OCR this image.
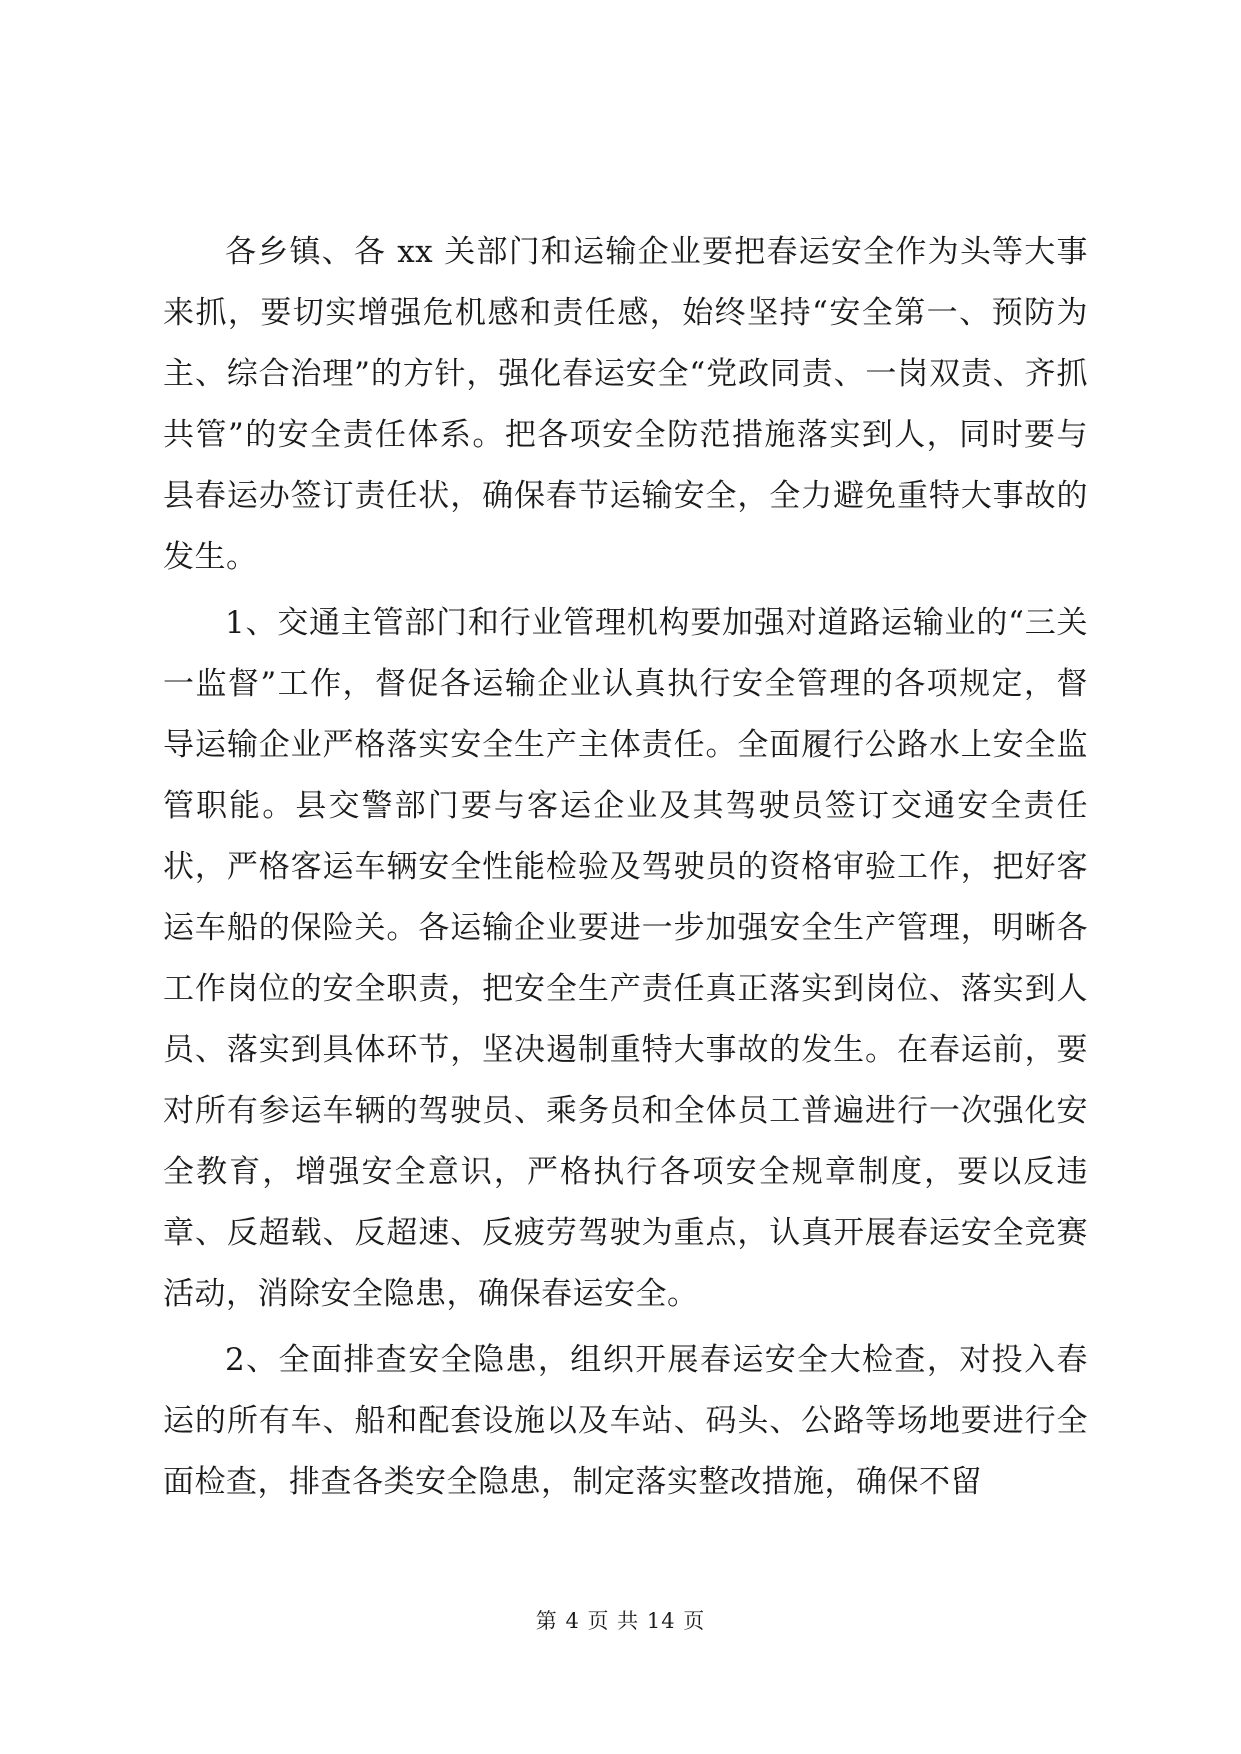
各乡镇、各 xx 关部门和运输企业要把春运安全作为头等大事来抓，要切实增强危机感和责任感，始终坚持“安全第一、预防为主、综合治理”的方针，强化春运安全“党政同责、一岗双责、齐抓共管”的安全责任体系。把各项安全防范措施落实到人，同时要与县春运办签订责任状，确保春节运输安全，全力避免重特大事故的发生。

1、交通主管部门和行业管理机构要加强对道路运输业的“三关一监督”工作，督促各运输企业认真执行安全管理的各项规定，督导运输企业严格落实安全生产主体责任。全面履行公路水上安全监管职能。县交警部门要与客运企业及其驾驶员签订交通安全责任状，严格客运车辆安全性能检验及驾驶员的资格审验工作，把好客运车船的保险关。各运输企业要进一步加强安全生产管理，明晰各工作岗位的安全职责，把安全生产责任真正落实到岗位、落实到人员、落实到具体环节，坚决遏制重特大事故的发生。在春运前，要对所有参运车辆的驾驶员、乘务员和全体员工普遍进行一次强化安全教育，增强安全意识，严格执行各项安全规章制度，要以反违章、反超载、反超速、反疲劳驾驶为重点，认真开展春运安全竞赛活动，消除安全隐患，确保春运安全。

2、全面排查安全隐患，组织开展春运安全大检查，对投入春运的所有车、船和配套设施以及车站、码头、公路等场地要进行全面检查，排查各类安全隐患，制定落实整改措施，确保不留

第 4 页 共 14 页
